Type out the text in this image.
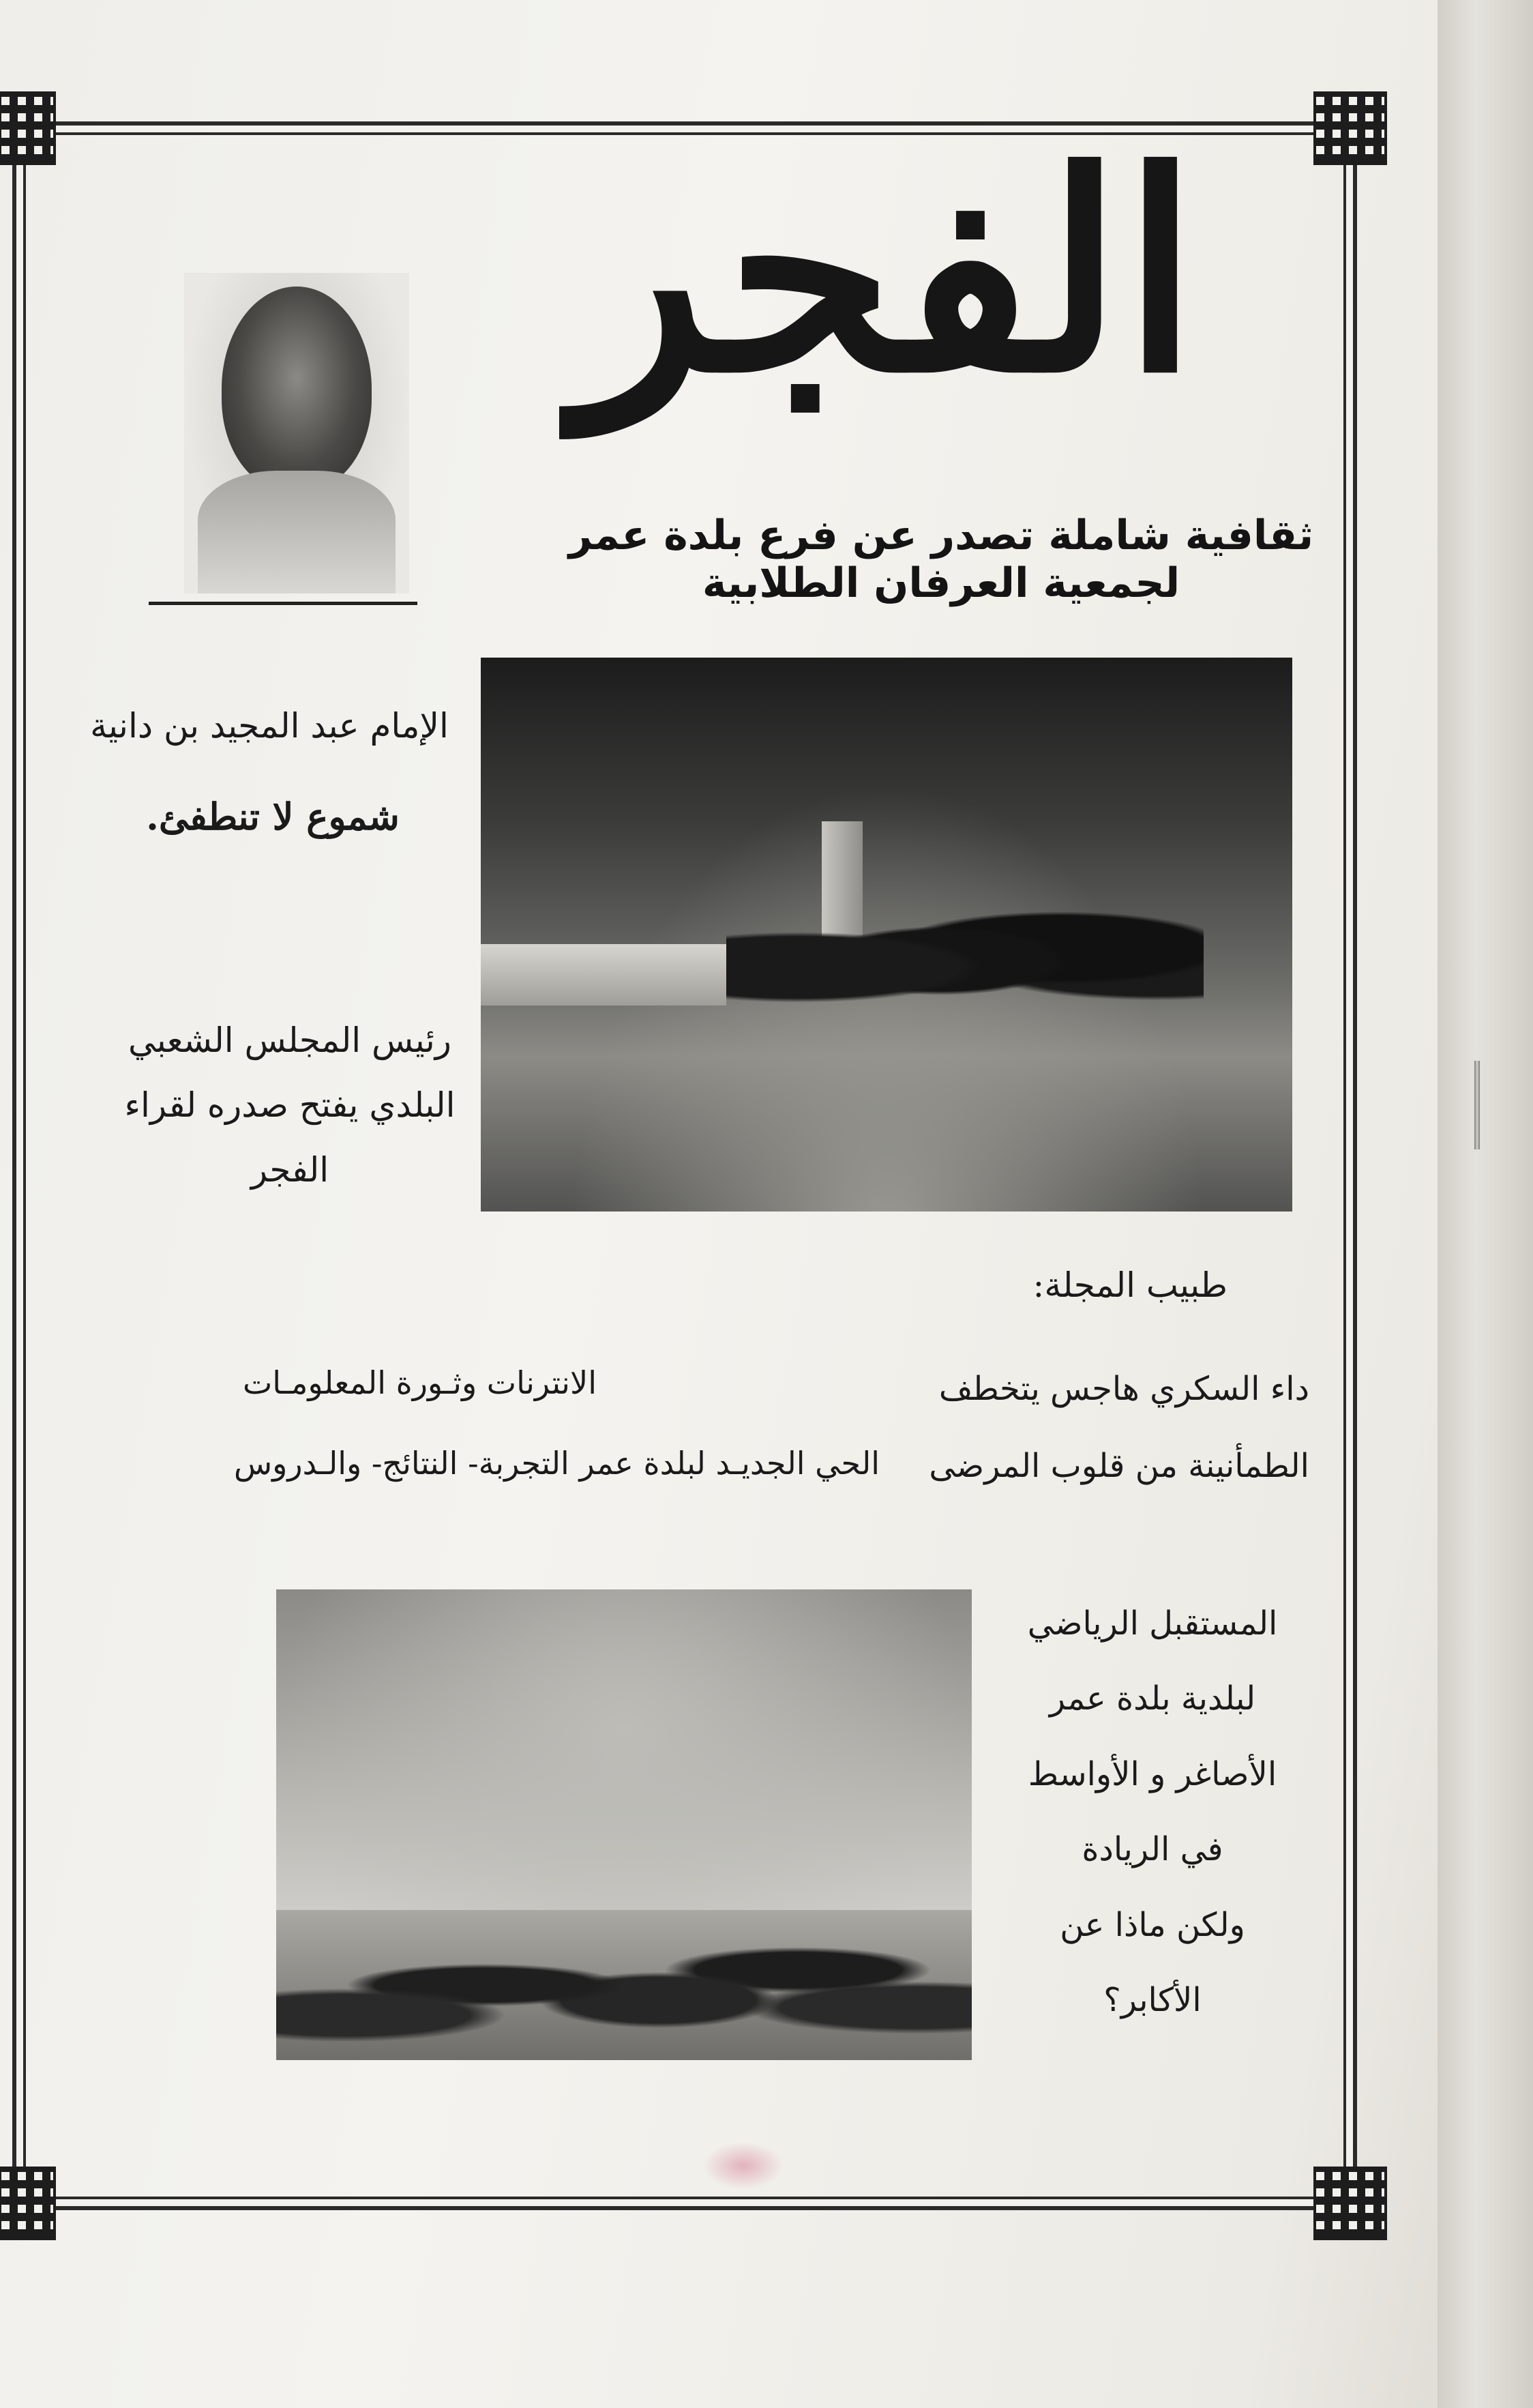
الفجر
ثقافية شاملة تصدر عن فرع بلدة عمر لجمعية العرفان الطلابية
الإمام عبد المجيد بن دانية
شموع لا تنطفئ.
رئيس المجلس الشعبي
البلدي يفتح صدره لقراء
الفجر
طبيب المجلة:
داء السكري هاجس يتخطف
الطمأنينة من قلوب المرضى
الانترنات وثـورة المعلومـات
الحي الجديـد لبلدة عمر التجربة- النتائج- والـدروس
المستقبل الرياضي
لبلدية بلدة عمر
الأصاغر و الأواسط
في الريادة
ولكن ماذا عن
الأكابر؟
